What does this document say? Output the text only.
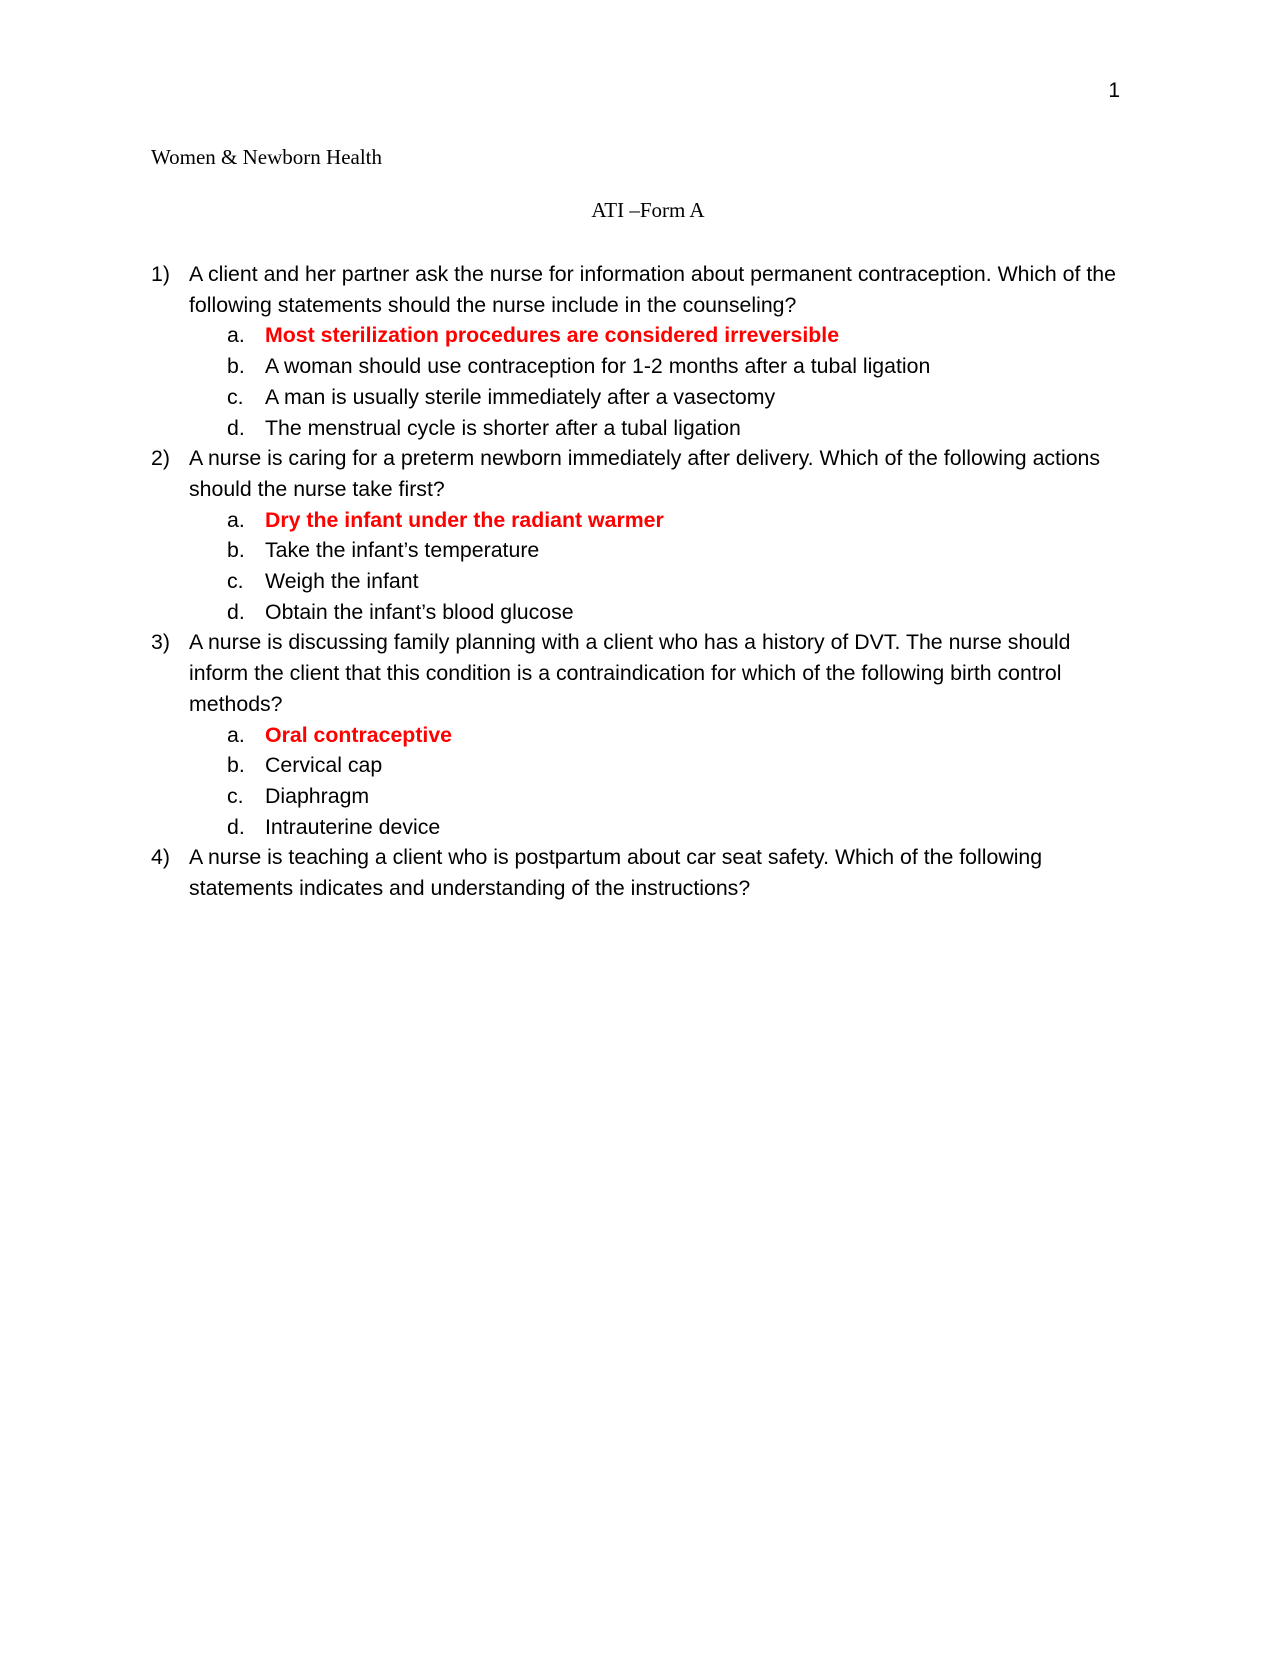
1
Women & Newborn Health
ATI –Form A
1) A client and her partner ask the nurse for information about permanent contraception. Which of the following statements should the nurse include in the counseling?

a. Most sterilization procedures are considered irreversible
b. A woman should use contraception for 1-2 months after a tubal ligation
c.	A man is usually sterile immediately after a vasectomy
d. The menstrual cycle is shorter after a tubal ligation
2) A nurse is caring for a preterm newborn immediately after delivery. Which of the following actions should the nurse take first?

a. Dry the infant under the radiant warmer
b. Take the infant’s temperature
c.	Weigh the infant
d. Obtain the infant’s blood glucose
3) A nurse is discussing family planning with a client who has a history of DVT. The nurse should inform the client that this condition is a contraindication for which of the following birth control methods?

a. Oral contraceptive
b. Cervical cap
c.	Diaphragm
d. Intrauterine device
4) A nurse is teaching a client who is postpartum about car seat safety. Which of the following statements indicates and understanding of the instructions?
